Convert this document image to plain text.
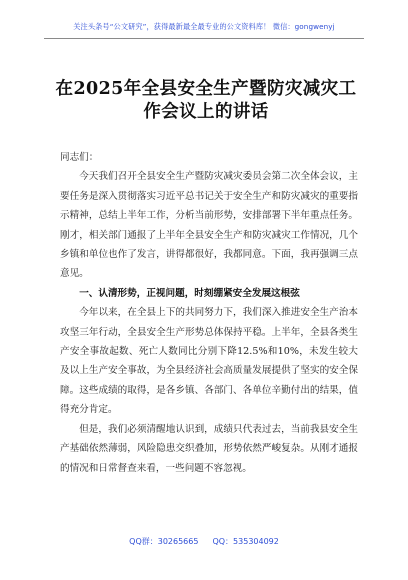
关注头条号“公文研究”，获得最新最全最专业的公文资料库！ 微信：gongwenyj
在2025年全县安全生产暨防灾减灾工作会议上的讲话

同志们：

今天我们召开全县安全生产暨防灾减灾委员会第二次全体会议，主要任务是深入贯彻落实习近平总书记关于安全生产和防灾减灾的重要指示精神，总结上半年工作，分析当前形势，安排部署下半年重点任务。刚才，相关部门通报了上半年全县安全生产和防灾减灾工作情况，几个乡镇和单位也作了发言，讲得都很好，我都同意。下面，我再强调三点意见。

一、认清形势，正视问题，时刻绷紧安全发展这根弦

今年以来，在全县上下的共同努力下，我们深入推进安全生产治本攻坚三年行动，全县安全生产形势总体保持平稳。上半年，全县各类生产安全事故起数、死亡人数同比分别下降12.5%和10%，未发生较大及以上生产安全事故，为全县经济社会高质量发展提供了坚实的安全保障。这些成绩的取得，是各乡镇、各部门、各单位辛勤付出的结果，值得充分肯定。

但是，我们必须清醒地认识到，成绩只代表过去，当前我县安全生产基础依然薄弱，风险隐患交织叠加，形势依然严峻复杂。从刚才通报的情况和日常督查来看，一些问题不容忽视。

QQ群：30265665 QQ：535304092
